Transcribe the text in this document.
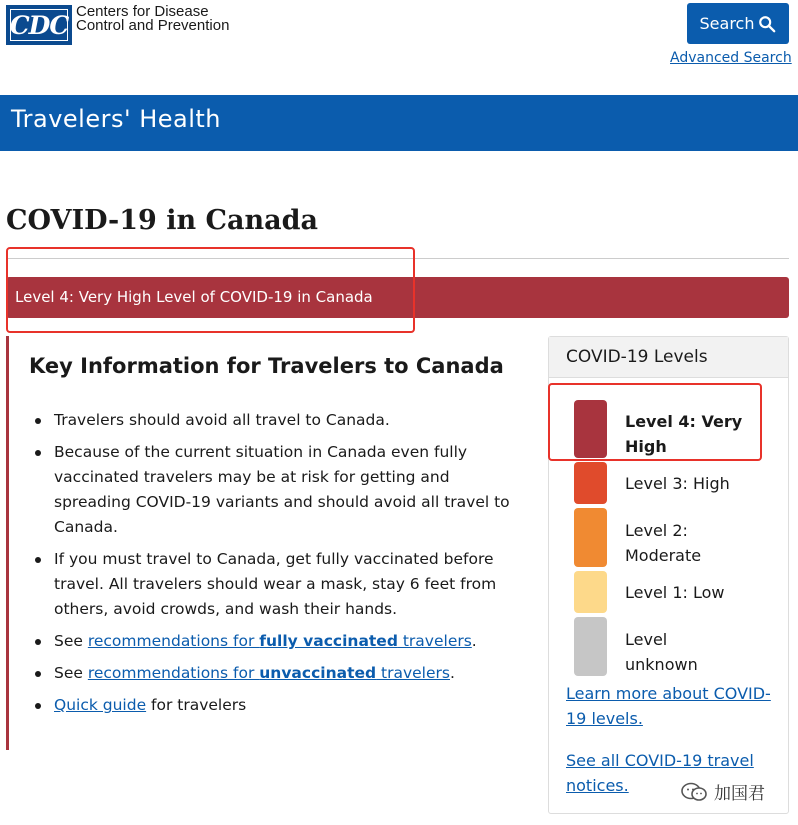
CDC Centers for Disease
Control and Prevention	Search
Advanced Search
Travelers' Health
COVID-19 in Canada
Level 4: Very High Level of COVID-19 in Canada
Key Information for Travelers to Canada
Travelers should avoid all travel to Canada.
Because of the current situation in Canada even fully vaccinated travelers may be at risk for getting and spreading COVID-19 variants and should avoid all travel to Canada.
If you must travel to Canada, get fully vaccinated before travel. All travelers should wear a mask, stay 6 feet from others, avoid crowds, and wash their hands.
See recommendations for fully vaccinated travelers.
See recommendations for unvaccinated travelers.
Quick guide for travelers
COVID-19 Levels
Level 4: Very High
Level 3: High
Level 2: Moderate
Level 1: Low
Level unknown
Learn more about COVID-19 levels.
See all COVID-19 travel notices.	加国君
